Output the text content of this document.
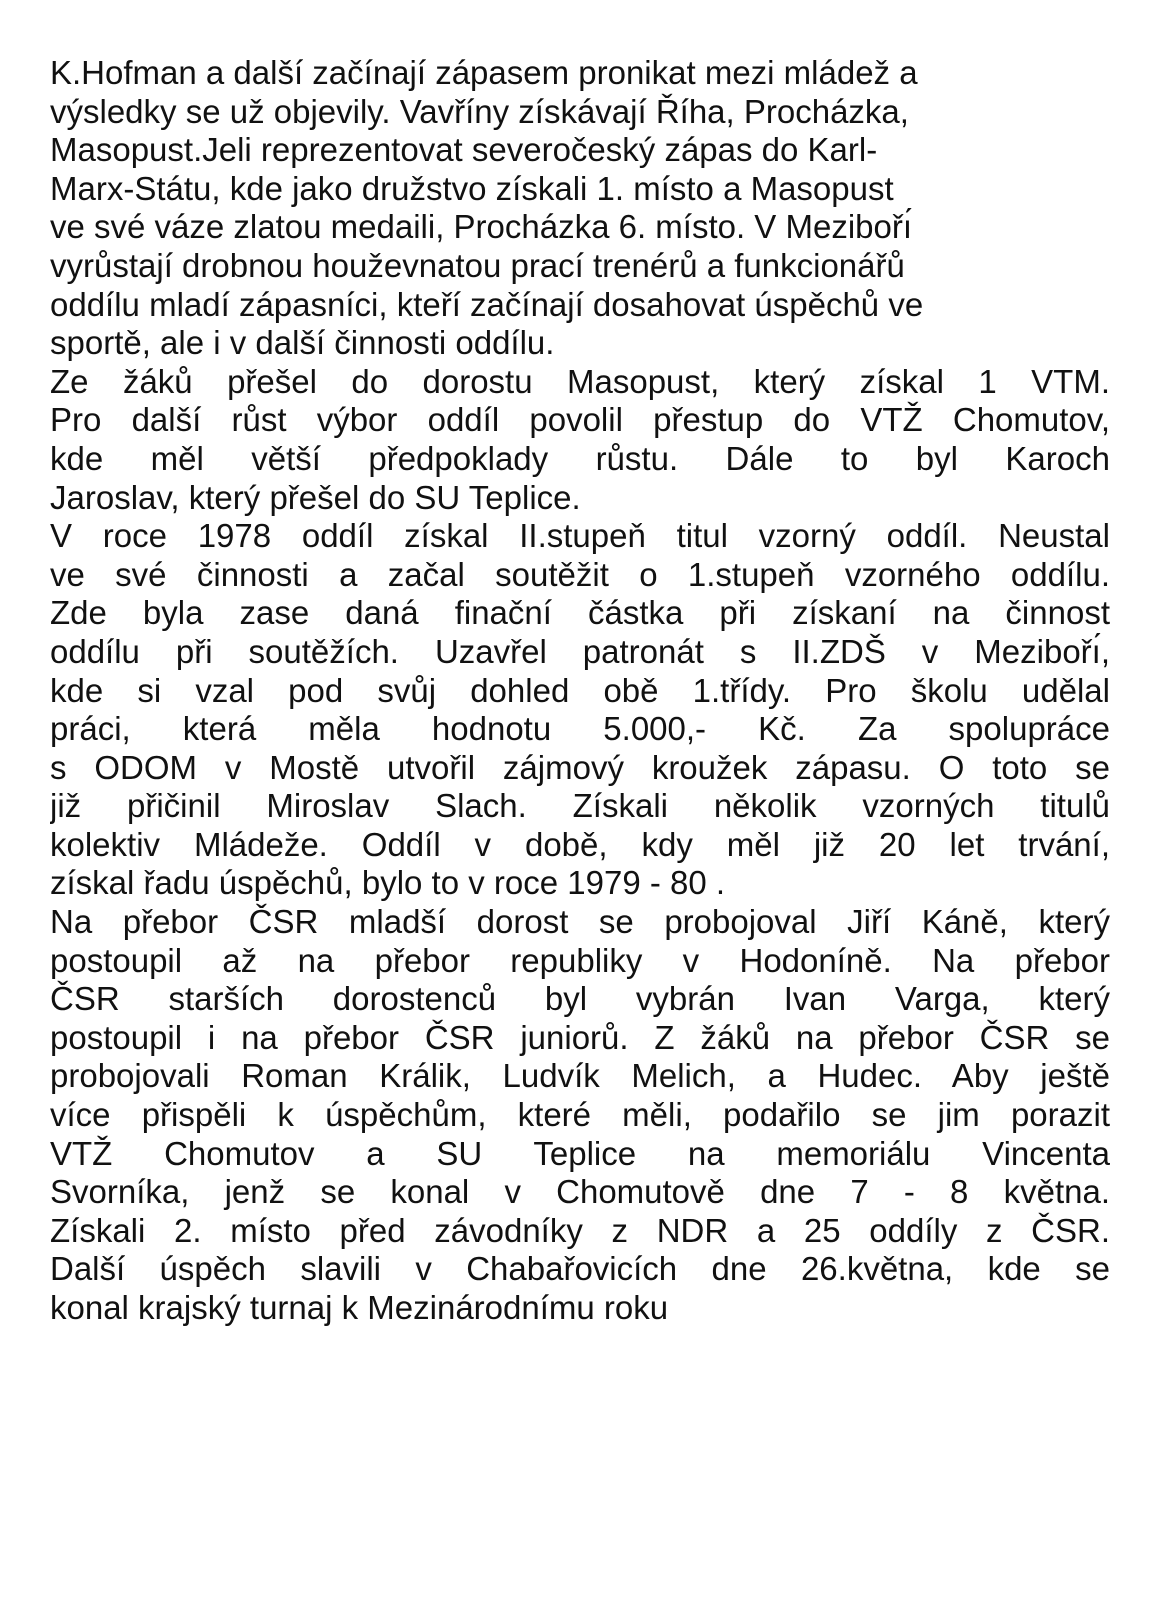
K.Hofman a další začínají zápasem pronikat mezi mládež a
výsledky se už objevily. Vavříny získávají Říha, Procházka,
Masopust.Jeli reprezentovat severočeský zápas do Karl-
Marx-Státu, kde jako družstvo získali 1. místo a Masopust
ve své váze zlatou medaili, Procházka 6. místo. V Mezibořı́
vyrůstají drobnou houževnatou prací trenérů a funkcionářů
oddílu mladí zápasníci, kteří začínají dosahovat úspěchů ve
sportě, ale i v další činnosti oddílu.
Ze žáků přešel do dorostu Masopust, který získal 1 VTM.
Pro další růst výbor oddíl povolil přestup do VTŽ Chomutov,
kde měl větší předpoklady růstu. Dále to byl Karoch
Jaroslav, který přešel do SU Teplice.
V roce 1978 oddíl získal II.stupeň titul vzorný oddíl. Neustal
ve své činnosti a začal soutěžit o 1.stupeň vzorného oddílu.
Zde byla zase daná finační částka při získaní na činnost
oddílu při soutěžích. Uzavřel patronát s II.ZDŠ v Mezibořı́,
kde si vzal pod svůj dohled obě 1.třídy. Pro školu udělal
práci, která měla hodnotu 5.000,- Kč. Za spolupráce
s ODOM v Mostě utvořil zájmový kroužek zápasu. O toto se
již přičinil Miroslav Slach. Získali několik vzorných titulů
kolektiv Mládeže. Oddíl v době, kdy měl již 20 let trvání,
získal řadu úspěchů, bylo to v roce 1979 - 80 .
Na přebor ČSR mladší dorost se probojoval Jiří Káně, který
postoupil až na přebor republiky v Hodoníně. Na přebor
ČSR starších dorostenců byl vybrán Ivan Varga, který
postoupil i na přebor ČSR juniorů. Z žáků na přebor ČSR se
probojovali Roman Králik, Ludvík Melich, a Hudec. Aby ještě
více přispěli k úspěchům, které měli, podařilo se jim porazit
VTŽ Chomutov a SU Teplice na memoriálu Vincenta
Svorníka, jenž se konal v Chomutově dne 7 - 8 května.
Získali 2. místo před závodníky z NDR a 25 oddíly z ČSR.
Další úspěch slavili v Chabařovicích dne 26.května, kde se
konal krajský turnaj k Mezinárodnímu roku
